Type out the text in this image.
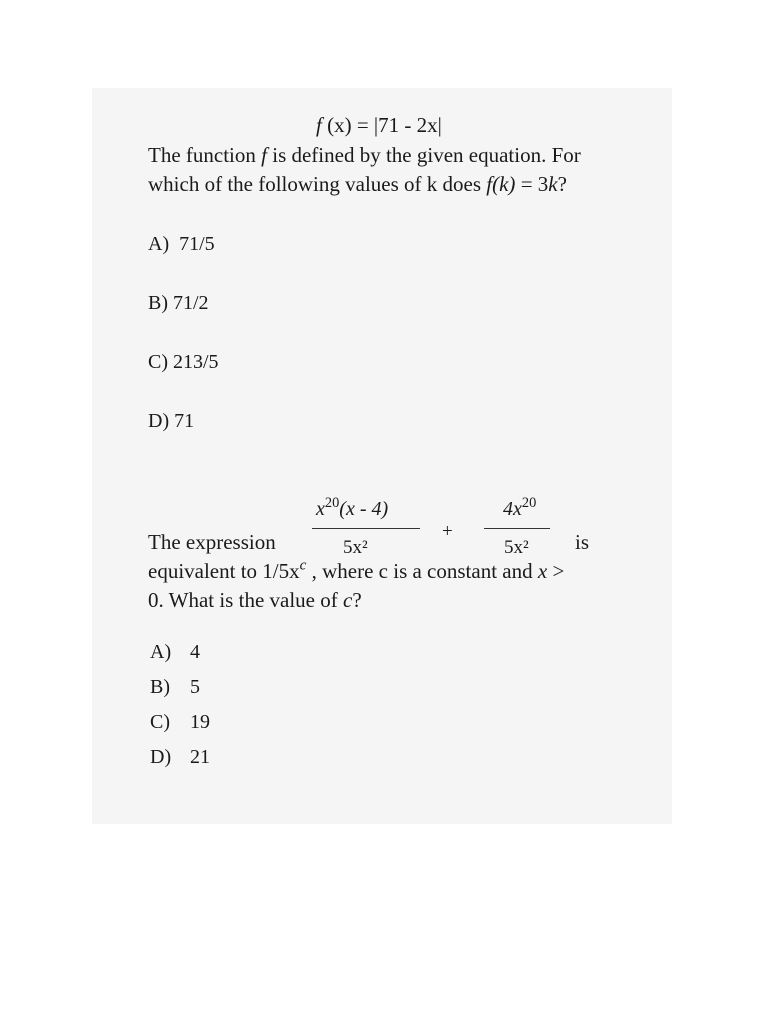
f (x) = |71 - 2x|
The function f is defined by the given equation. For
which of the following values of k does f(k) = 3k?
A) 71/5
B) 71/2
C) 213/5
D) 71
$x^{20}(x - 4)$
5x²
+
$4x^{20}$
5x²
The expression	is
equivalent to $1/5x^c$ , where c is a constant and x >
0. What is the value of c?
A) 4
B) 5
C) 19
D) 21
